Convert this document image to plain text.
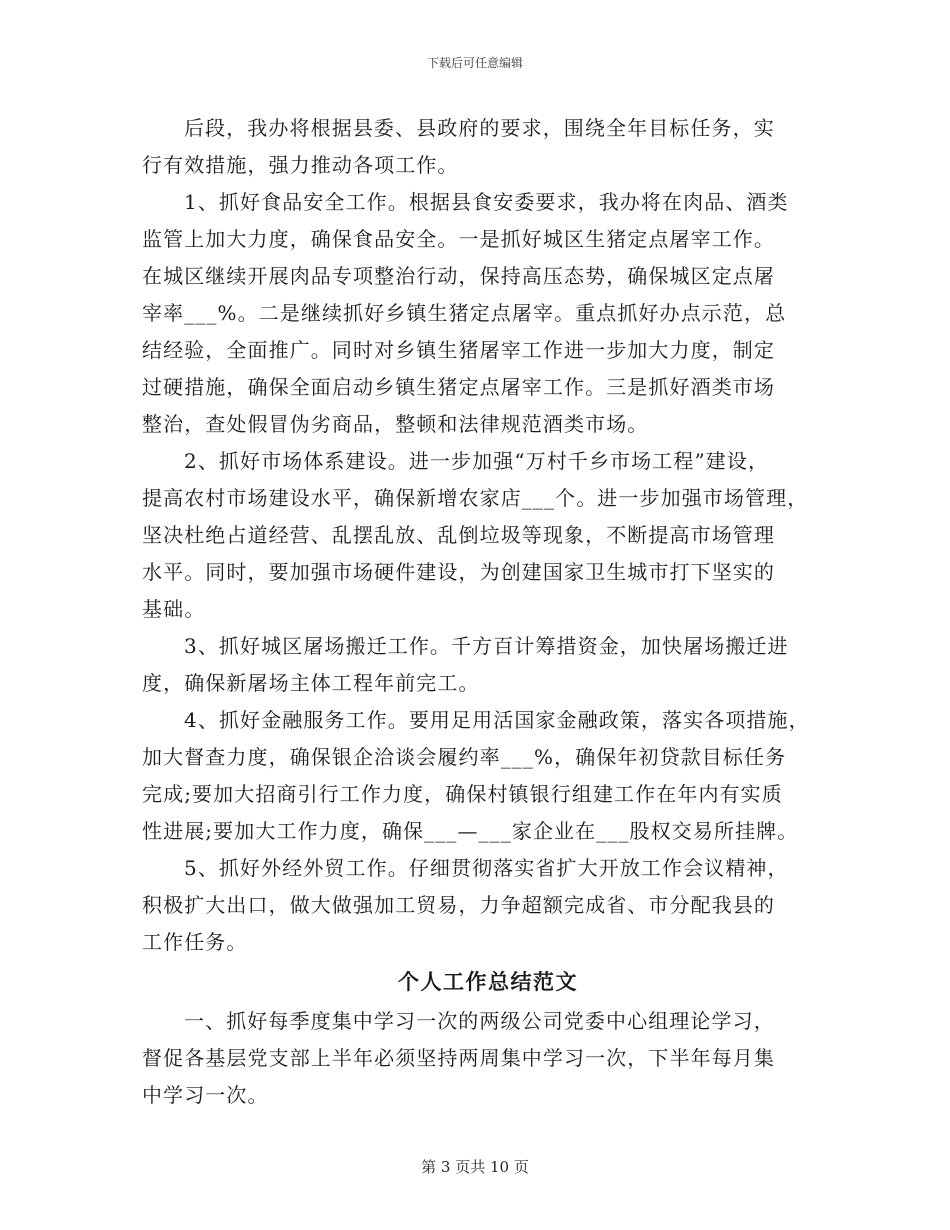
下载后可任意编辑
后段，我办将根据县委、县政府的要求，围绕全年目标任务，实
行有效措施，强力推动各项工作。
1、抓好食品安全工作。根据县食安委要求，我办将在肉品、酒类
监管上加大力度，确保食品安全。一是抓好城区生猪定点屠宰工作。
在城区继续开展肉品专项整治行动，保持高压态势，确保城区定点屠
宰率___%。二是继续抓好乡镇生猪定点屠宰。重点抓好办点示范，总
结经验，全面推广。同时对乡镇生猪屠宰工作进一步加大力度，制定
过硬措施，确保全面启动乡镇生猪定点屠宰工作。三是抓好酒类市场
整治，查处假冒伪劣商品，整顿和法律规范酒类市场。
2、抓好市场体系建设。进一步加强“万村千乡市场工程”建设，
提高农村市场建设水平，确保新增农家店___个。进一步加强市场管理，
坚决杜绝占道经营、乱摆乱放、乱倒垃圾等现象，不断提高市场管理
水平。同时，要加强市场硬件建设，为创建国家卫生城市打下坚实的
基础。
3、抓好城区屠场搬迁工作。千方百计筹措资金，加快屠场搬迁进
度，确保新屠场主体工程年前完工。
4、抓好金融服务工作。要用足用活国家金融政策，落实各项措施，
加大督查力度，确保银企洽谈会履约率___%，确保年初贷款目标任务
完成;要加大招商引行工作力度，确保村镇银行组建工作在年内有实质
性进展;要加大工作力度，确保___—___家企业在___股权交易所挂牌。
5、抓好外经外贸工作。仔细贯彻落实省扩大开放工作会议精神，
积极扩大出口，做大做强加工贸易，力争超额完成省、市分配我县的
工作任务。
个人工作总结范文
一、抓好每季度集中学习一次的两级公司党委中心组理论学习，
督促各基层党支部上半年必须坚持两周集中学习一次，下半年每月集
中学习一次。
第 3 页共 10 页
